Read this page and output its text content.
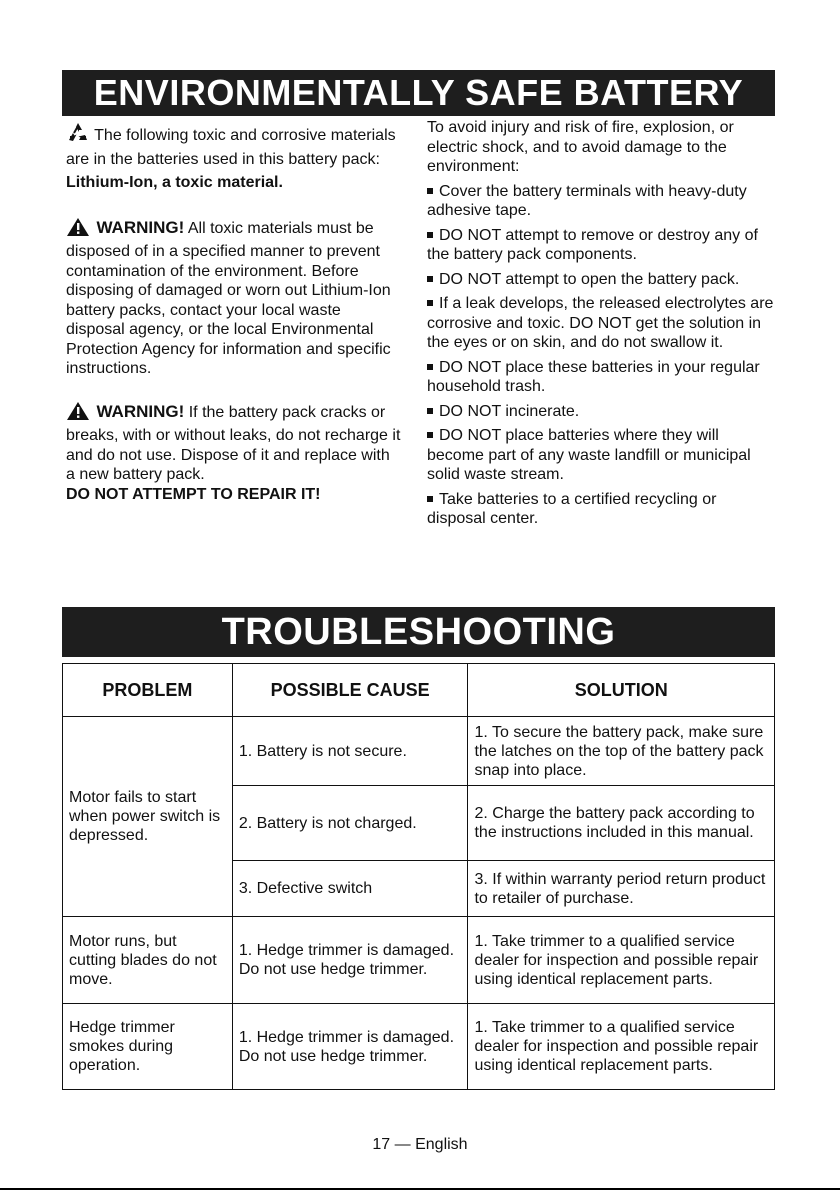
ENVIRONMENTALLY SAFE BATTERY DISPOSAL

The following toxic and corrosive materials are in the batteries used in this battery pack:

Lithium-Ion, a toxic material.

WARNING! All toxic materials must be disposed of in a specified manner to prevent contamination of the environment. Before disposing of damaged or worn out Lithium-Ion battery packs, contact your local waste disposal agency, or the local Environmental Protection Agency for information and specific instructions.

WARNING! If the battery pack cracks or breaks, with or without leaks, do not recharge it and do not use. Dispose of it and replace with a new battery pack.

DO NOT ATTEMPT TO REPAIR IT!

To avoid injury and risk of fire, explosion, or electric shock, and to avoid damage to the environment:

Cover the battery terminals with heavy-duty adhesive tape.

DO NOT attempt to remove or destroy any of the battery pack components.

DO NOT attempt to open the battery pack.

If a leak develops, the released electrolytes are corrosive and toxic. DO NOT get the solution in the eyes or on skin, and do not swallow it.

DO NOT place these batteries in your regular household trash.

DO NOT incinerate.

DO NOT place batteries where they will become part of any waste landfill or municipal solid waste stream.

Take batteries to a certified recycling or disposal center.

TROUBLESHOOTING
PROBLEM	POSSIBLE CAUSE	SOLUTION
Motor fails to start when power switch is depressed.	1. Battery is not secure.	1. To secure the battery pack, make sure the latches on the top of the battery pack snap into place.
	2. Battery is not charged.	2. Charge the battery pack according to the instructions included in this manual.
	3. Defective switch	3. If within warranty period return product to retailer of purchase.
Motor runs, but cutting blades do not move.	1. Hedge trimmer is damaged. Do not use hedge trimmer.	1. Take trimmer to a qualified service dealer for inspection and possible repair using identical replacement parts.
Hedge trimmer smokes during operation.	1. Hedge trimmer is damaged. Do not use hedge trimmer.	1. Take trimmer to a qualified service dealer for inspection and possible repair using identical replacement parts.
17 — English
